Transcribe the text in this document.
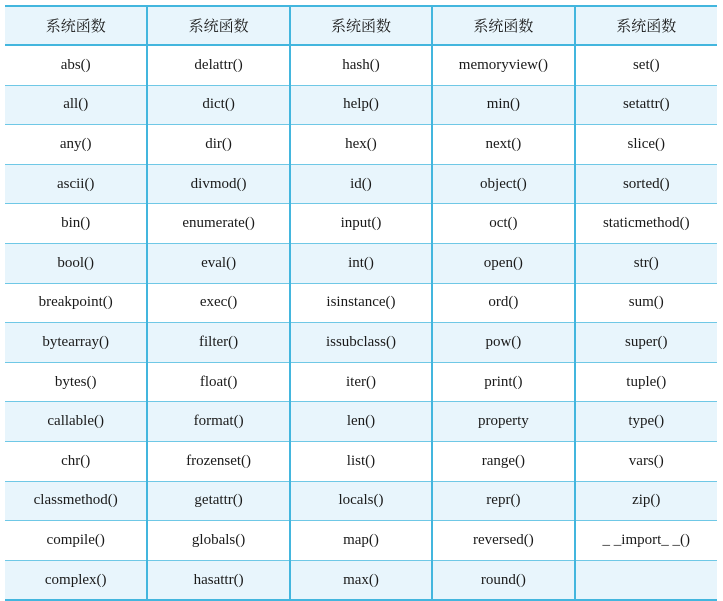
系统函数	系统函数	系统函数	系统函数	系统函数
abs()	delattr()	hash()	memoryview()	set()
all()	dict()	help()	min()	setattr()
any()	dir()	hex()	next()	slice()
ascii()	divmod()	id()	object()	sorted()
bin()	enumerate()	input()	oct()	staticmethod()
bool()	eval()	int()	open()	str()
breakpoint()	exec()	isinstance()	ord()	sum()
bytearray()	filter()	issubclass()	pow()	super()
bytes()	float()	iter()	print()	tuple()
callable()	format()	len()	property	type()
chr()	frozenset()	list()	range()	vars()
classmethod()	getattr()	locals()	repr()	zip()
compile()	globals()	map()	reversed()	_ _import_ _()
complex()	hasattr()	max()	round()	
